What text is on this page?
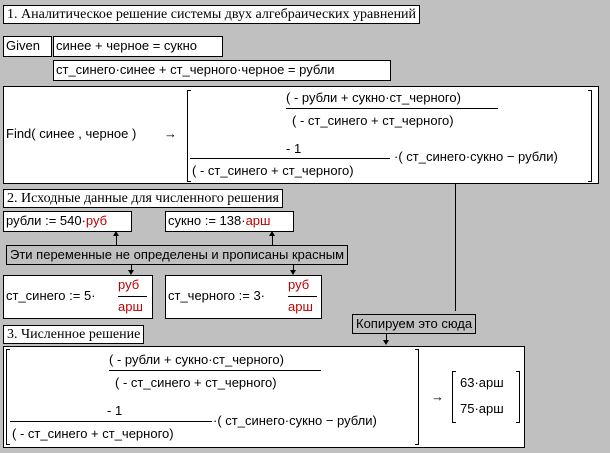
1. Аналитическое решение системы двух алгебраических уравнений
Given синее + черное = сукно
ст_синего·синее + ст_черного·черное = рубли
Find( синее , черное ) →
( - рубли + сукно·ст_черного)
( - ст_синего + ст_черного)
- 1
( - ст_синего + ст_черного)
·( ст_синего·сукно − рубли)
2. Исходные данные для численного решения
рубли := 540·руб	сукно := 138·арш
Эти переменные не определены и прописаны красным
ст_синего := 5·
руб
арш
ст_черного := 3·
руб
арш
Копируем это сюда
3. Численное решение
( - рубли + сукно·ст_черного)
( - ст_синего + ст_черного)
- 1
( - ст_синего + ст_черного)
·( ст_синего·сукно − рубли)
→
63·арш
75·арш
